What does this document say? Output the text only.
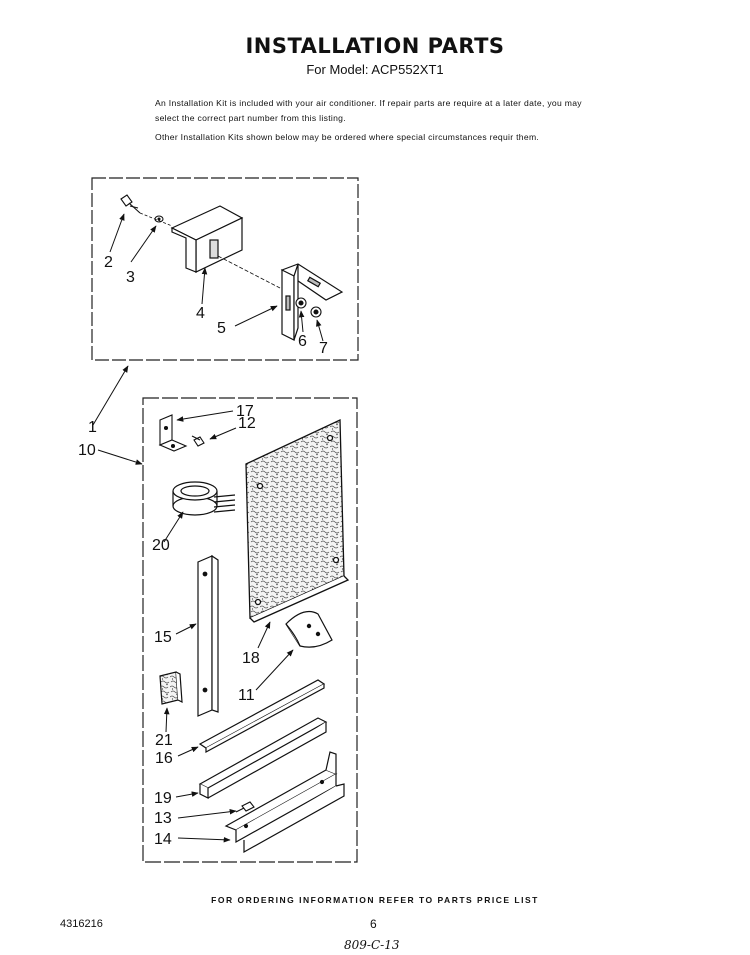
INSTALLATION PARTS
For Model: ACP552XT1
An Installation Kit is included with your air conditioner. If repair parts are require at a later date, you may select the correct part number from this listing.
Other Installation Kits shown below may be ordered where special circumstances requir them.
2
3
4
5
6 7
1
10
17
12
20
15
18
11
21
16
19
13
14
FOR ORDERING INFORMATION REFER TO PARTS PRICE LIST
6
4316216
809-C-13
